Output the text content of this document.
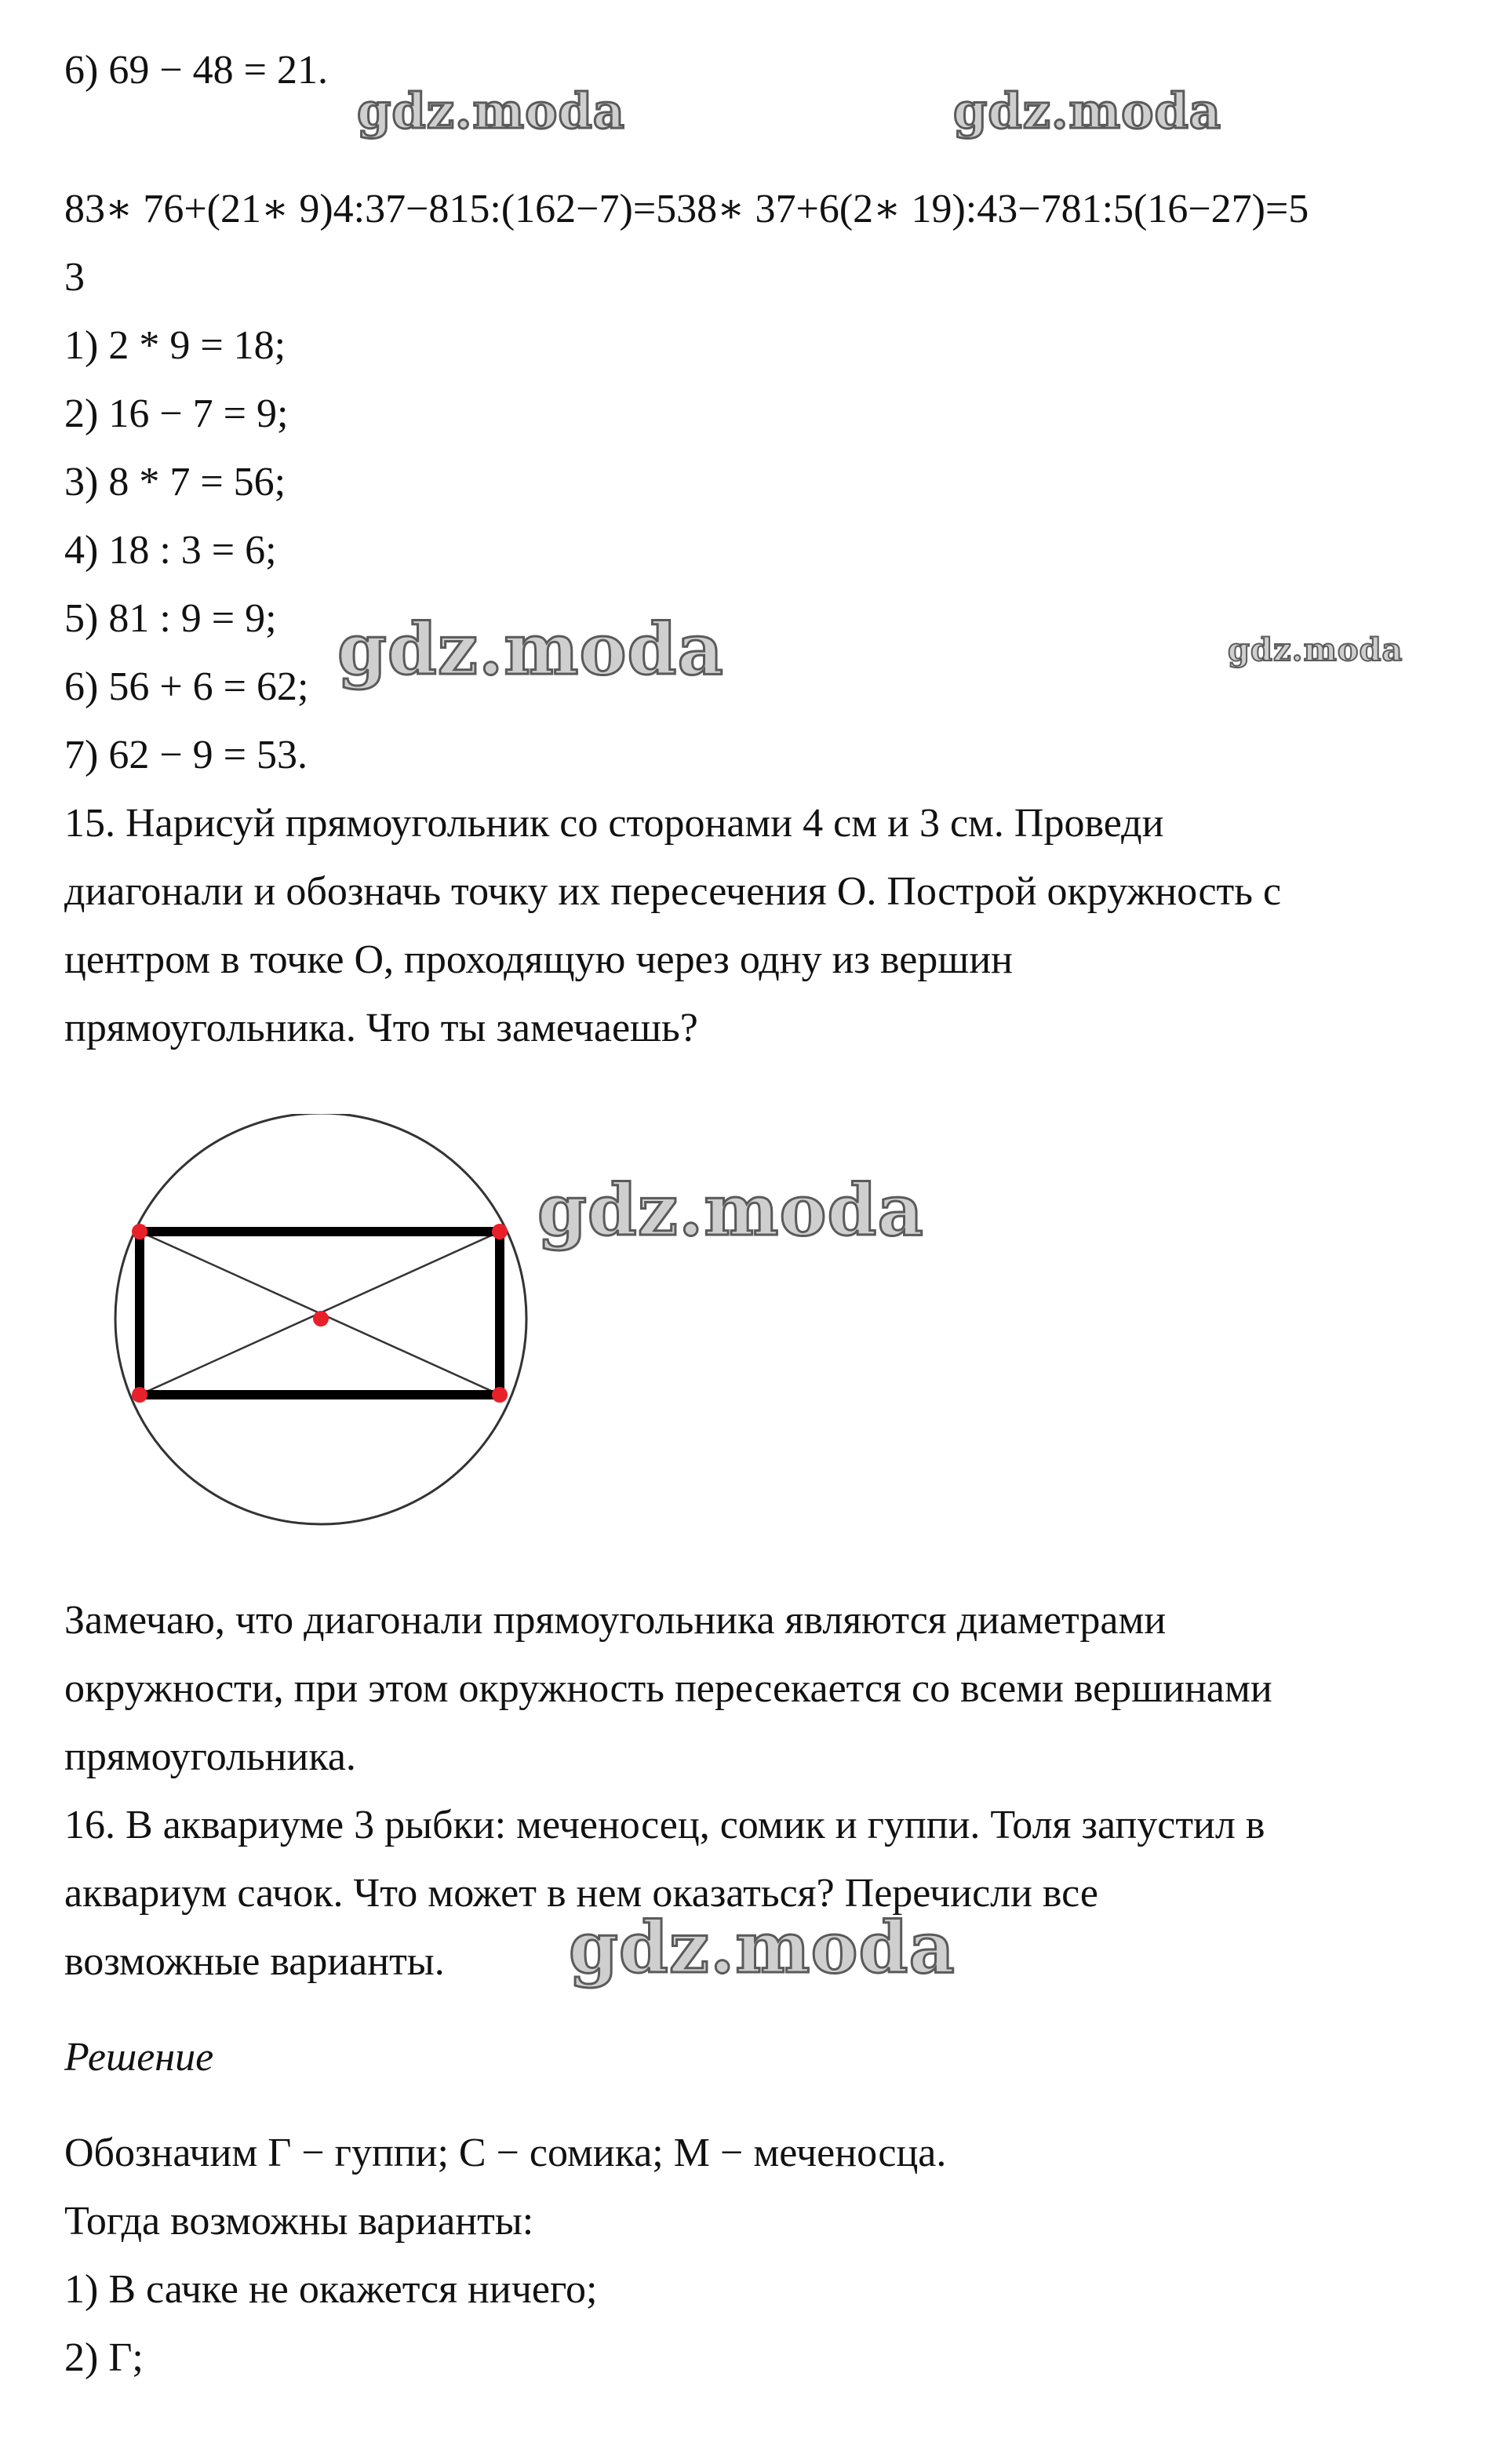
6) 69 − 48 = 21.
83∗ 76+(21∗ 9)4:37−815:(162−7)=538∗ 37+6(2∗ 19):43−781:5(16−27)=5
3
1) 2 * 9 = 18;
2) 16 − 7 = 9;
3) 8 * 7 = 56;
4) 18 : 3 = 6;
5) 81 : 9 = 9;
6) 56 + 6 = 62;
7) 62 − 9 = 53.
15. Нарисуй прямоугольник со сторонами 4 см и 3 см. Проведи
диагонали и обозначь точку их пересечения О. Построй окружность с
центром в точке О, проходящую через одну из вершин
прямоугольника. Что ты замечаешь?
Замечаю, что диагонали прямоугольника являются диаметрами
окружности, при этом окружность пересекается со всеми вершинами
прямоугольника.
16. В аквариуме 3 рыбки: меченосец, сомик и гуппи. Толя запустил в
аквариум сачок. Что может в нем оказаться? Перечисли все
возможные варианты.
Решение
Обозначим Г − гуппи; С − сомика; М − меченосца.
Тогда возможны варианты:
1) В сачке не окажется ничего;
2) Г;
gdz.moda	gdz.moda
gdz.moda	gdz.moda
gdz.moda
gdz.moda
